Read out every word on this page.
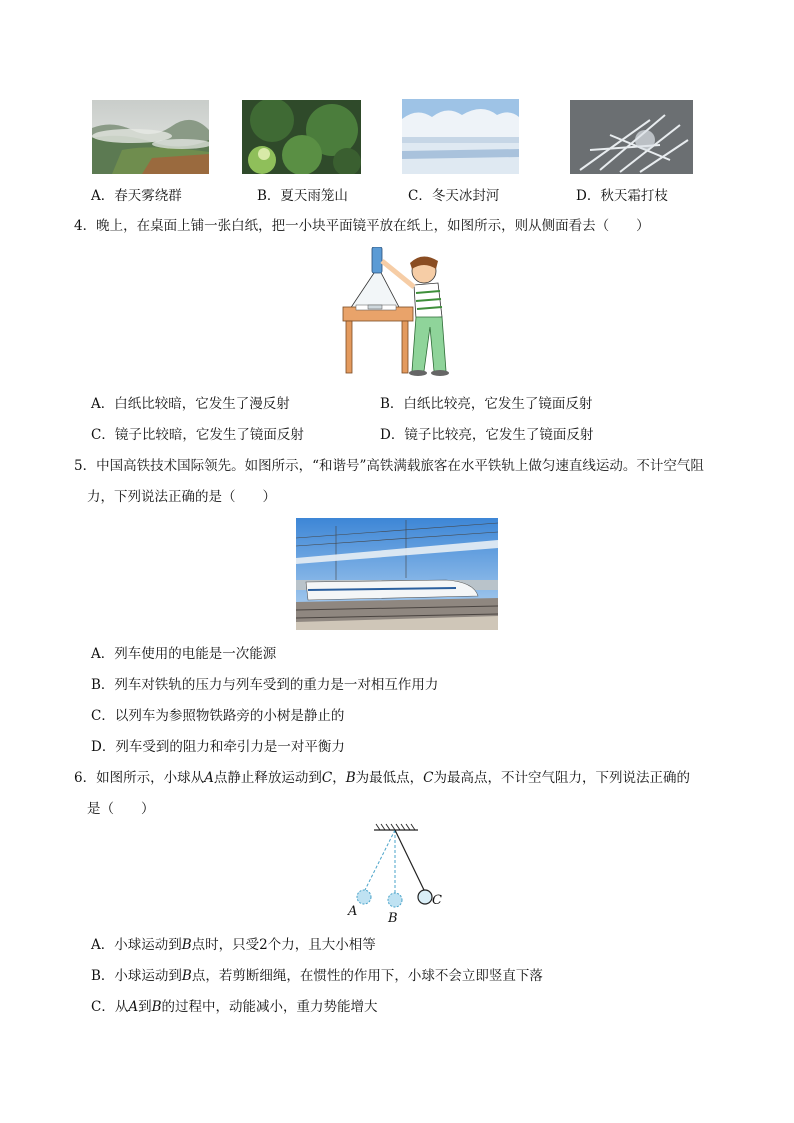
A．春天雾绕群	B．夏天雨笼山	C．冬天冰封河	D．秋天霜打枝
4．晚上，在桌面上铺一张白纸，把一小块平面镜平放在纸上，如图所示，则从侧面看去（　　）
A．白纸比较暗，它发生了漫反射	B．白纸比较亮，它发生了镜面反射
C．镜子比较暗，它发生了镜面反射	D．镜子比较亮，它发生了镜面反射
5．中国高铁技术国际领先。如图所示，“和谐号”高铁满载旅客在水平铁轨上做匀速直线运动。不计空气阻
力，下列说法正确的是（　　）
A．列车使用的电能是一次能源
B．列车对铁轨的压力与列车受到的重力是一对相互作用力
C．以列车为参照物铁路旁的小树是静止的
D．列车受到的阻力和牵引力是一对平衡力
6．如图所示，小球从A点静止释放运动到C，B为最低点，C为最高点，不计空气阻力，下列说法正确的
是（　　）
A B
C
A．小球运动到B点时，只受2个力，且大小相等
B．小球运动到B点，若剪断细绳，在惯性的作用下，小球不会立即竖直下落
C．从A到B的过程中，动能减小，重力势能增大
